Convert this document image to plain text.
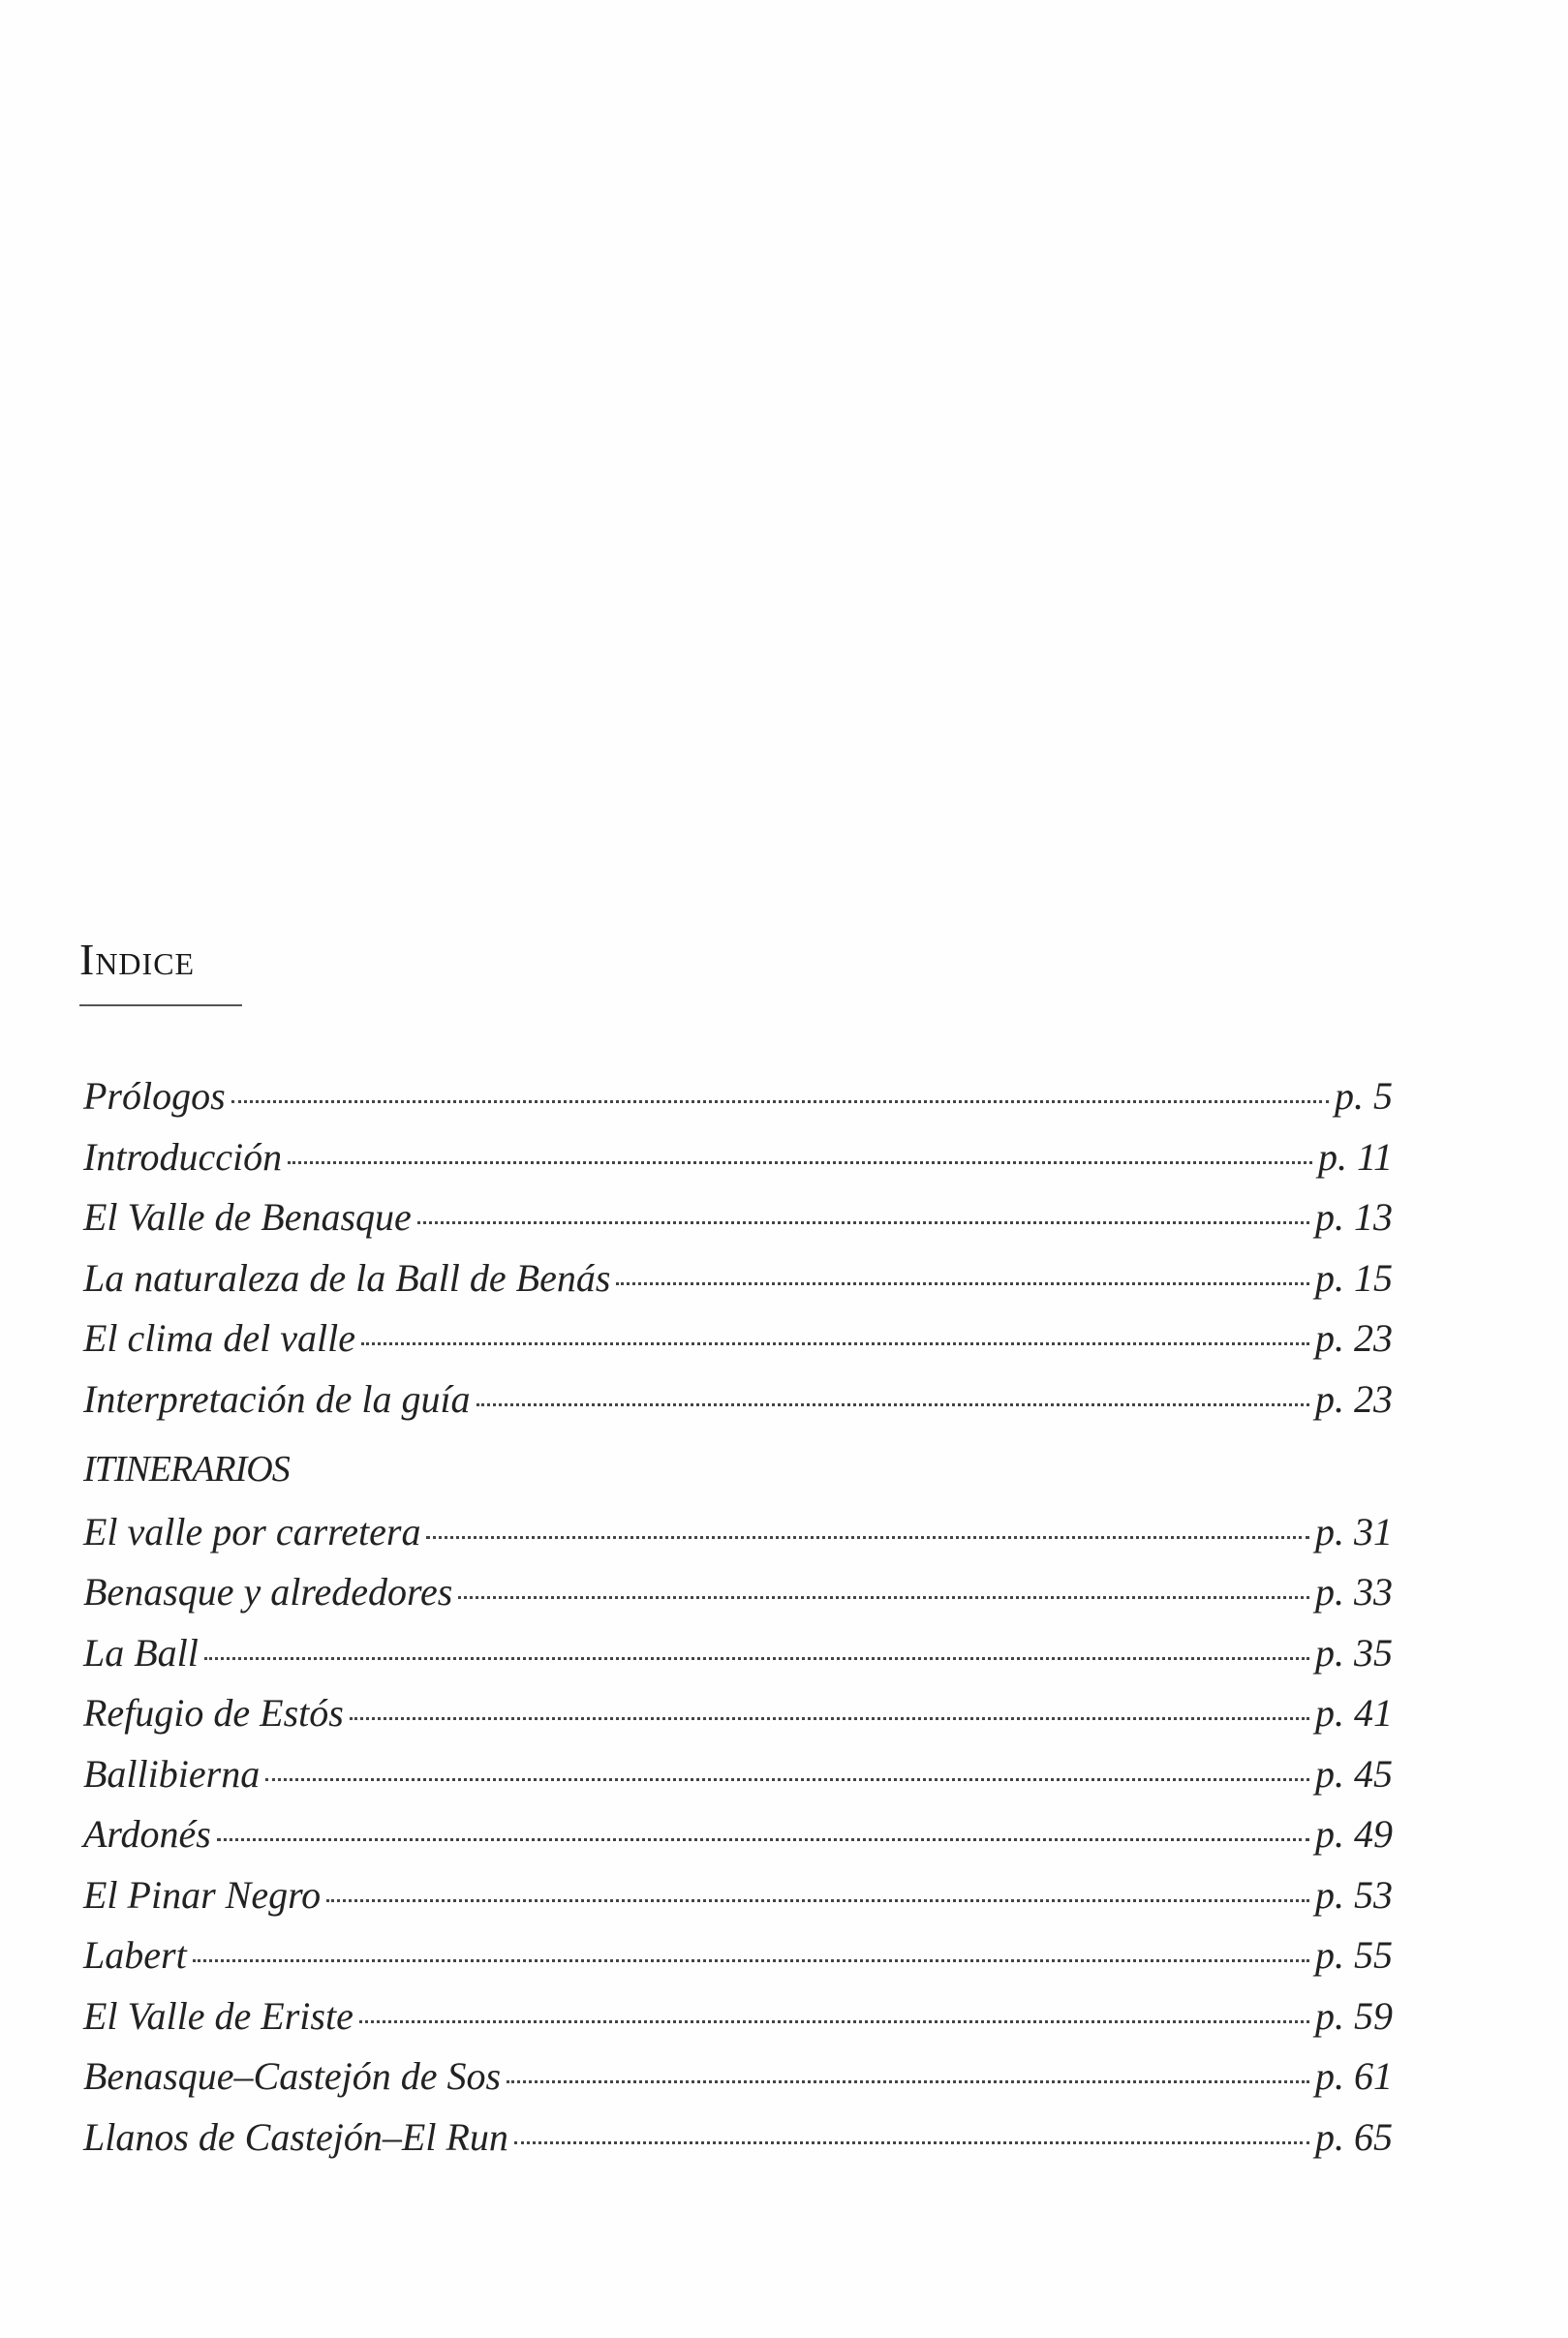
Indice
Prólogos	p. 5
Introducción	p. 11
El Valle de Benasque	p. 13
La naturaleza de la Ball de Benás	p. 15
El clima del valle	p. 23
Interpretación de la guía	p. 23
ITINERARIOS
El valle por carretera	p. 31
Benasque y alrededores	p. 33
La Ball	p. 35
Refugio de Estós	p. 41
Ballibierna	p. 45
Ardonés	p. 49
El Pinar Negro	p. 53
Labert	p. 55
El Valle de Eriste	p. 59
Benasque–Castejón de Sos	p. 61
Llanos de Castejón–El Run	p. 65
